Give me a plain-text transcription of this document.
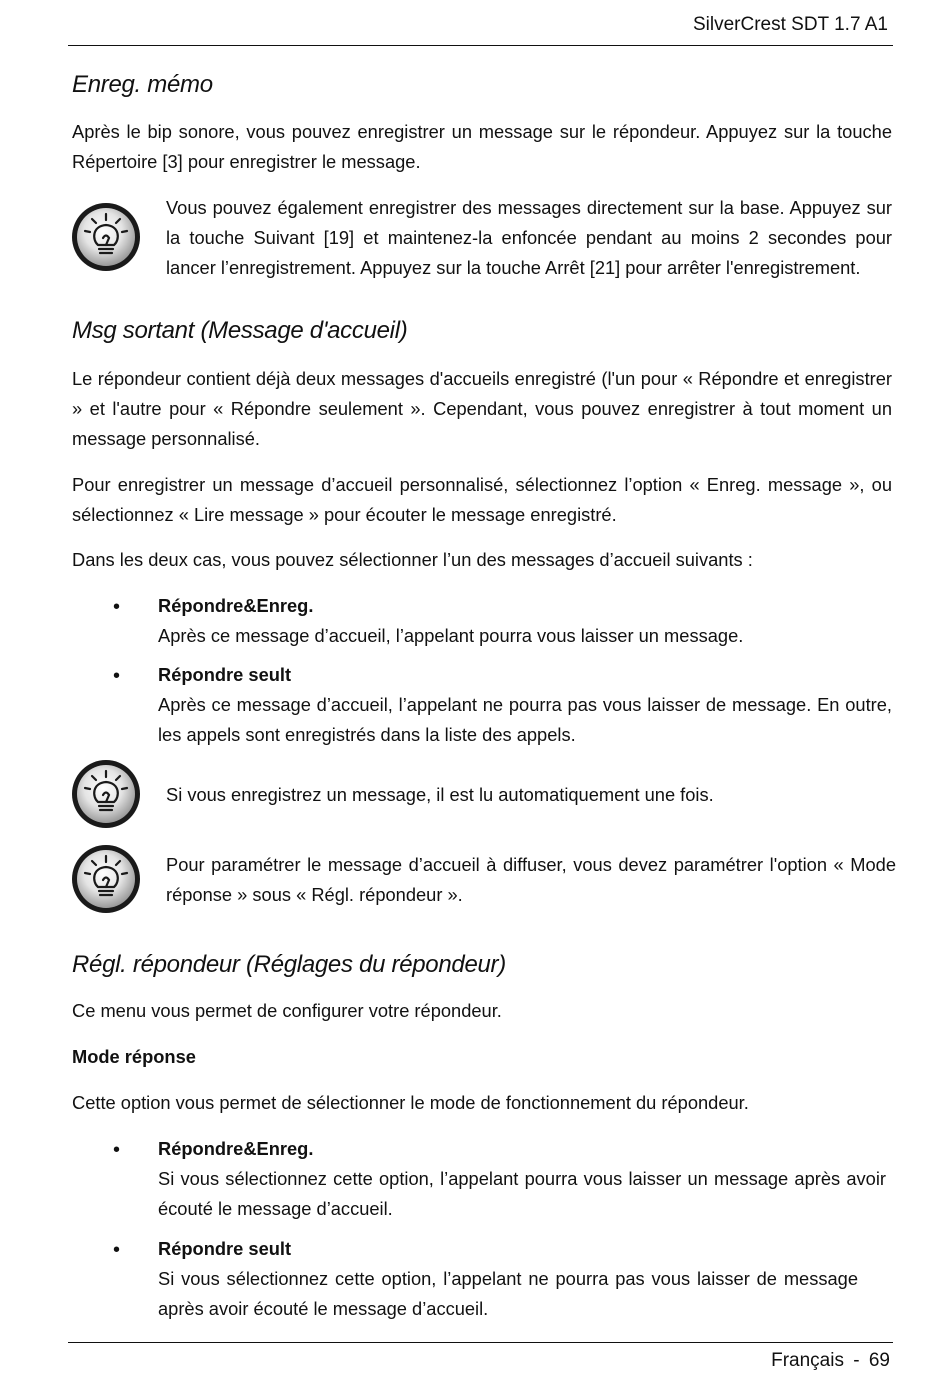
SilverCrest SDT 1.7 A1
Enreg. mémo
Après le bip sonore, vous pouvez enregistrer un message sur le répondeur. Appuyez sur la touche Répertoire [3] pour enregistrer le message.
Vous pouvez également enregistrer des messages directement sur la base. Appuyez sur la touche Suivant [19] et maintenez-la enfoncée pendant au moins 2 secondes pour lancer l’enregistrement. Appuyez sur la touche Arrêt [21] pour arrêter l'enregistrement.
Msg sortant (Message d'accueil)
Le répondeur contient déjà deux messages d'accueils enregistré (l'un pour « Répondre et enregistrer » et l'autre pour « Répondre seulement ». Cependant, vous pouvez enregistrer à tout moment un message personnalisé.
Pour enregistrer un message d’accueil personnalisé, sélectionnez l’option « Enreg. message », ou sélectionnez « Lire message » pour écouter le message enregistré.
Dans les deux cas, vous pouvez sélectionner l’un des messages d’accueil suivants :
•	Répondre&Enreg.
Après ce message d’accueil, l’appelant pourra vous laisser un message.
•	Répondre seult
Après ce message d’accueil, l’appelant ne pourra pas vous laisser de message. En outre, les appels sont enregistrés dans la liste des appels.
Si vous enregistrez un message, il est lu automatiquement une fois.
Pour paramétrer le message d’accueil à diffuser, vous devez paramétrer l'option « Mode réponse » sous « Régl. répondeur ».
Régl. répondeur (Réglages du répondeur)
Ce menu vous permet de configurer votre répondeur.
Mode réponse
Cette option vous permet de sélectionner le mode de fonctionnement du répondeur.
•	Répondre&Enreg.
Si vous sélectionnez cette option, l’appelant pourra vous laisser un message après avoir écouté le message d’accueil.
•	Répondre seult
Si vous sélectionnez cette option, l’appelant ne pourra pas vous laisser de message après avoir écouté le message d’accueil.
Français - 69
